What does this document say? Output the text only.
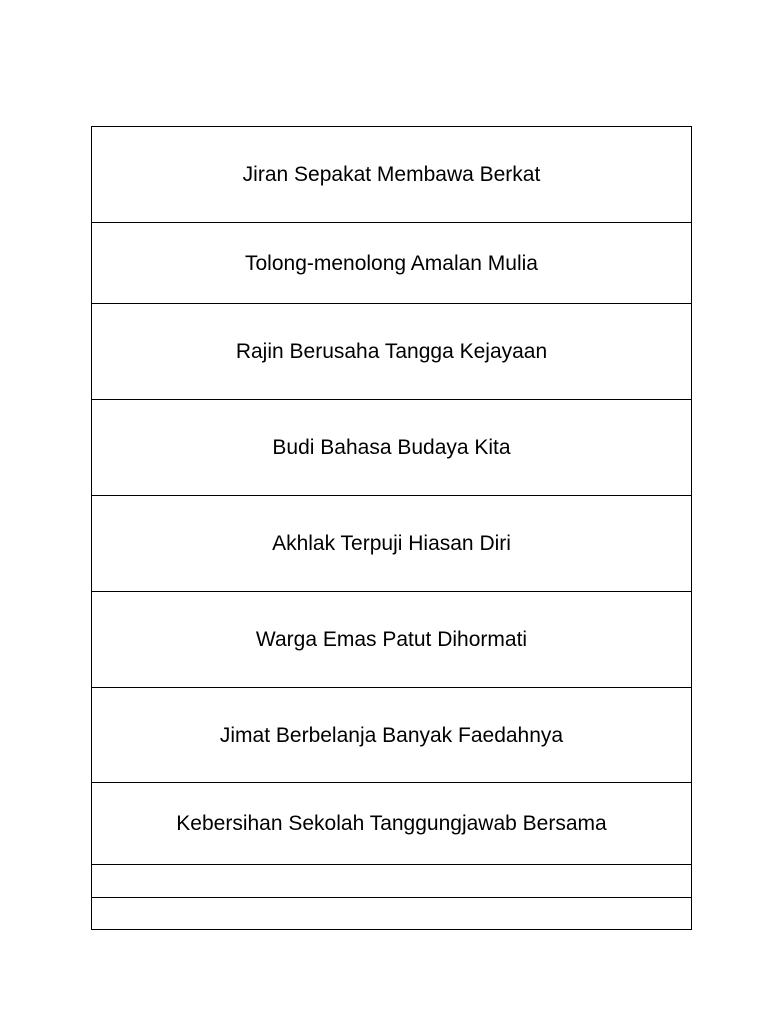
Jiran Sepakat Membawa Berkat
Tolong-menolong Amalan Mulia
Rajin Berusaha Tangga Kejayaan
Budi Bahasa Budaya Kita
Akhlak Terpuji Hiasan Diri
Warga Emas Patut Dihormati
Jimat Berbelanja Banyak Faedahnya
Kebersihan Sekolah Tanggungjawab Bersama
